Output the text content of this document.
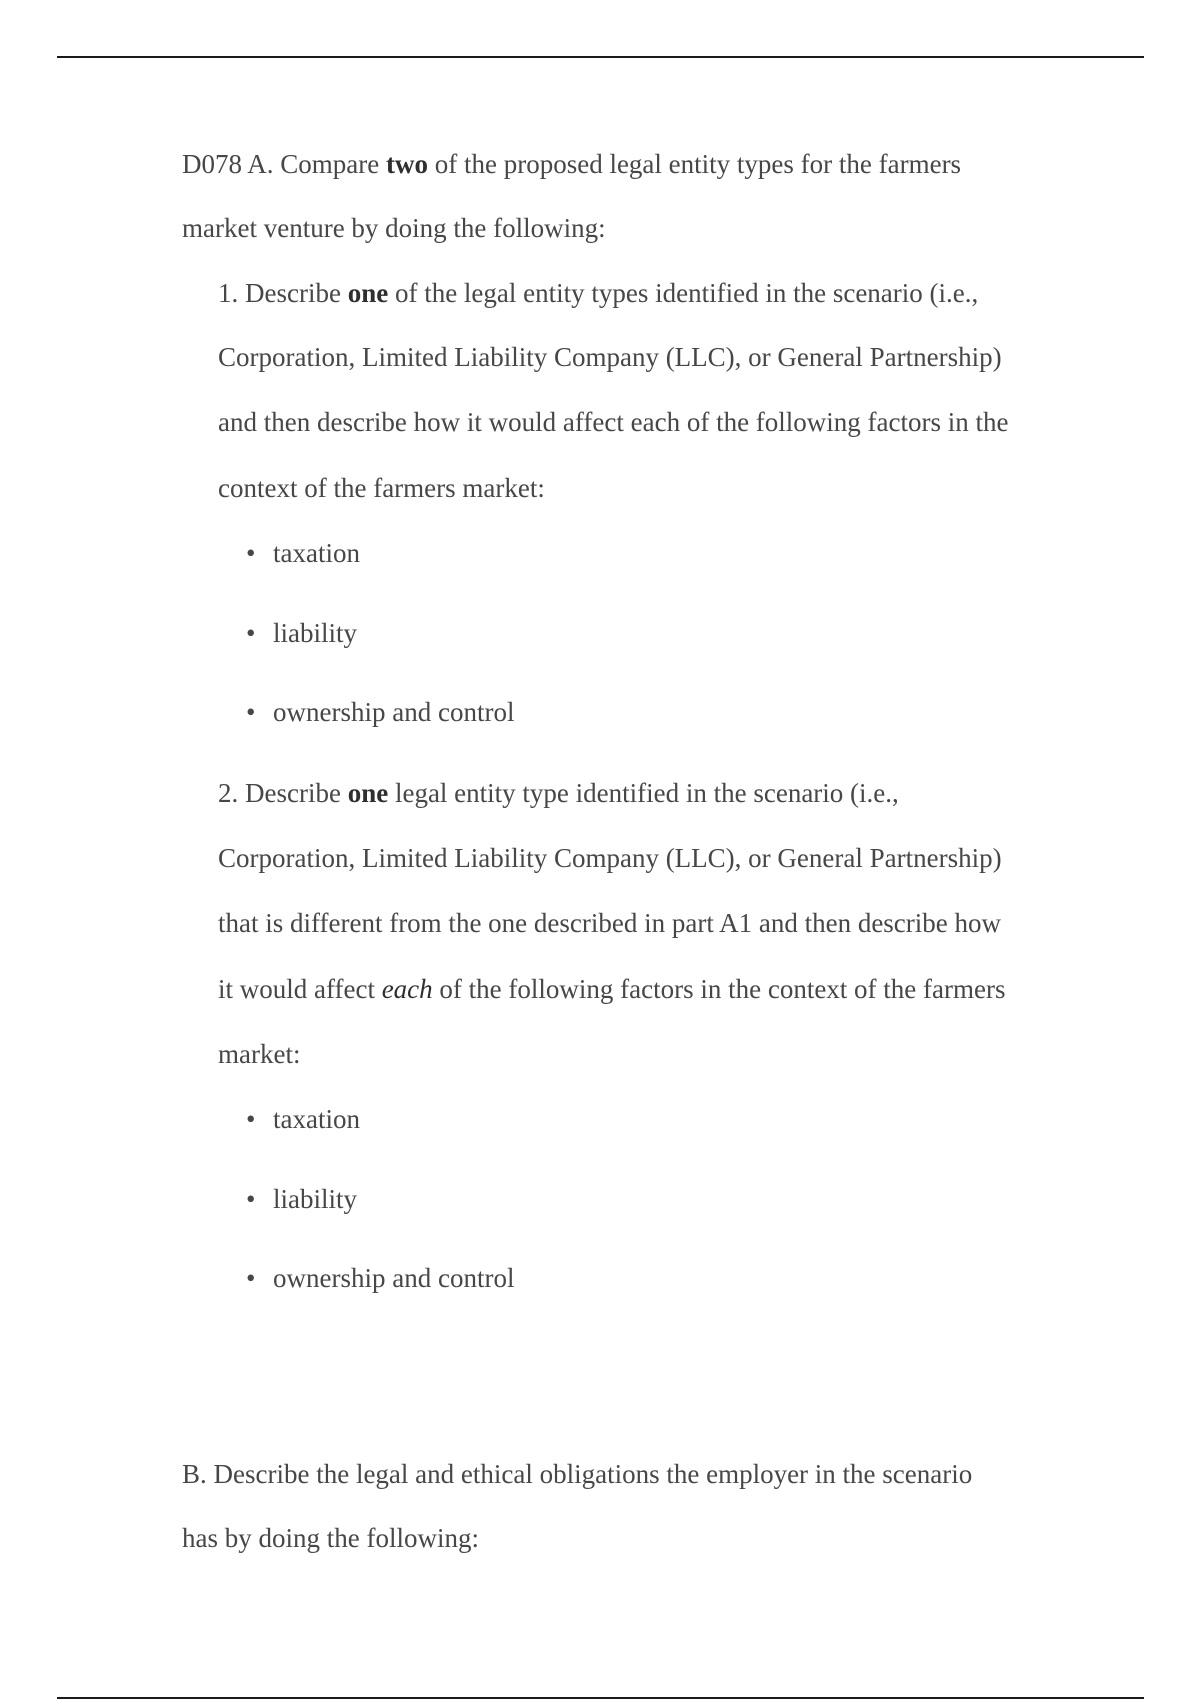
D078 A. Compare two of the proposed legal entity types for the farmers
market venture by doing the following:
1. Describe one of the legal entity types identified in the scenario (i.e.,
Corporation, Limited Liability Company (LLC), or General Partnership)
and then describe how it would affect each of the following factors in the
context of the farmers market:
• taxation
• liability
• ownership and control
2. Describe one legal entity type identified in the scenario (i.e.,
Corporation, Limited Liability Company (LLC), or General Partnership)
that is different from the one described in part A1 and then describe how
it would affect each of the following factors in the context of the farmers
market:
• taxation
• liability
• ownership and control
B. Describe the legal and ethical obligations the employer in the scenario
has by doing the following:
